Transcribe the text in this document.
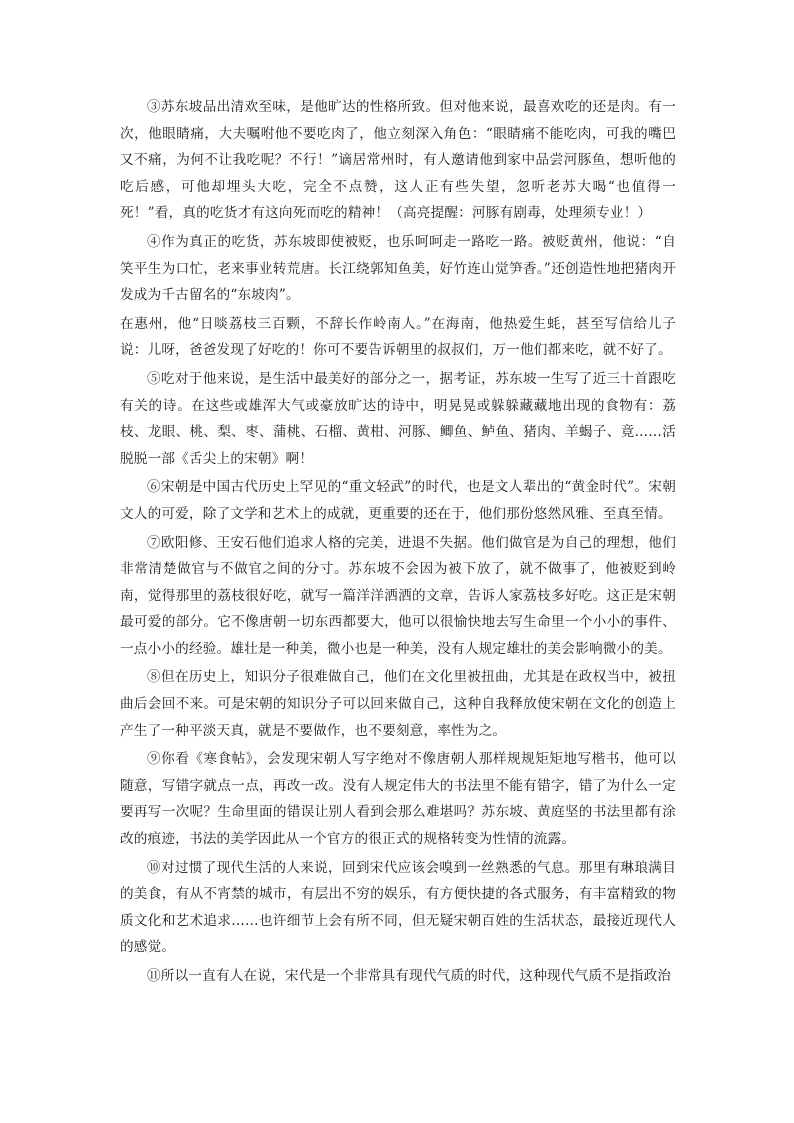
③苏东坡品出清欢至味，是他旷达的性格所致。但对他来说，最喜欢吃的还是肉。有一次，他眼睛痛，大夫嘱咐他不要吃肉了，他立刻深入角色：“眼睛痛不能吃肉，可我的嘴巴又不痛，为何不让我吃呢？不行！”谪居常州时，有人邀请他到家中品尝河豚鱼，想听他的吃后感，可他却埋头大吃，完全不点赞，这人正有些失望，忽听老苏大喝“也值得一死！”看，真的吃货才有这向死而吃的精神！（高亮提醒：河豚有剧毒，处理须专业！）

④作为真正的吃货，苏东坡即使被贬，也乐呵呵走一路吃一路。被贬黄州，他说：“自笑平生为口忙，老来事业转荒唐。长江绕郭知鱼美，好竹连山觉笋香。”还创造性地把猪肉开发成为千古留名的“东坡肉”。

在惠州，他“日啖荔枝三百颗，不辞长作岭南人。”在海南，他热爱生蚝，甚至写信给儿子说：儿呀，爸爸发现了好吃的！你可不要告诉朝里的叔叔们，万一他们都来吃，就不好了。

⑤吃对于他来说，是生活中最美好的部分之一，据考证，苏东坡一生写了近三十首跟吃有关的诗。在这些或雄浑大气或豪放旷达的诗中，明晃晃或躲躲藏藏地出现的食物有：荔枝、龙眼、桃、梨、枣、蒲桃、石榴、黄柑、河豚、鲫鱼、鲈鱼、猪肉、羊蝎子、竟……活脱脱一部《舌尖上的宋朝》啊！

⑥宋朝是中国古代历史上罕见的“重文轻武”的时代，也是文人辈出的“黄金时代”。宋朝文人的可爱，除了文学和艺术上的成就，更重要的还在于，他们那份悠然风雅、至真至情。

⑦欧阳修、王安石他们追求人格的完美，进退不失据。他们做官是为自己的理想，他们非常清楚做官与不做官之间的分寸。苏东坡不会因为被下放了，就不做事了，他被贬到岭南，觉得那里的荔枝很好吃，就写一篇洋洋洒洒的文章，告诉人家荔枝多好吃。这正是宋朝最可爱的部分。它不像唐朝一切东西都要大，他可以很愉快地去写生命里一个小小的事件、一点小小的经验。雄壮是一种美，微小也是一种美，没有人规定雄壮的美会影响微小的美。

⑧但在历史上，知识分子很难做自己，他们在文化里被扭曲，尤其是在政权当中，被扭曲后会回不来。可是宋朝的知识分子可以回来做自己，这种自我释放使宋朝在文化的创造上产生了一种平淡天真，就是不要做作，也不要刻意，率性为之。

⑨你看《寒食帖》，会发现宋朝人写字绝对不像唐朝人那样规规矩矩地写楷书，他可以随意，写错字就点一点，再改一改。没有人规定伟大的书法里不能有错字，错了为什么一定要再写一次呢？生命里面的错误让别人看到会那么难堪吗？苏东坡、黄庭坚的书法里都有涂改的痕迹，书法的美学因此从一个官方的很正式的规格转变为性情的流露。

⑩对过惯了现代生活的人来说，回到宋代应该会嗅到一丝熟悉的气息。那里有琳琅满目的美食，有从不宵禁的城市，有层出不穷的娱乐，有方便快捷的各式服务，有丰富精致的物质文化和艺术追求……也许细节上会有所不同，但无疑宋朝百姓的生活状态，最接近现代人的感觉。

⑪所以一直有人在说，宋代是一个非常具有现代气质的时代，这种现代气质不是指政治
